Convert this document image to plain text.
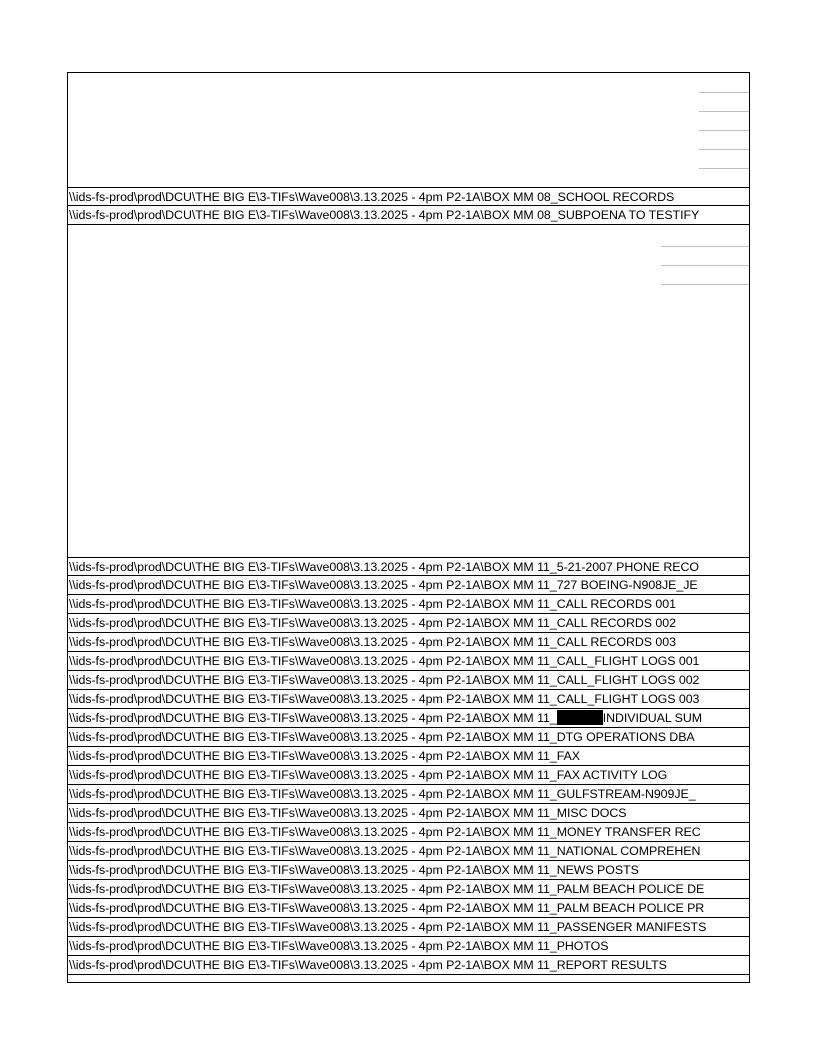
\\ids-fs-prod\prod\DCU\THE BIG E\3-TIFs\Wave008\3.13.2025 - 4pm P2-1A\BOX MM 08_SCHOOL RECORDS
\\ids-fs-prod\prod\DCU\THE BIG E\3-TIFs\Wave008\3.13.2025 - 4pm P2-1A\BOX MM 08_SUBPOENA TO TESTIFY
\\ids-fs-prod\prod\DCU\THE BIG E\3-TIFs\Wave008\3.13.2025 - 4pm P2-1A\BOX MM 11_5-21-2007 PHONE RECO
\\ids-fs-prod\prod\DCU\THE BIG E\3-TIFs\Wave008\3.13.2025 - 4pm P2-1A\BOX MM 11_727 BOEING-N908JE_JE
\\ids-fs-prod\prod\DCU\THE BIG E\3-TIFs\Wave008\3.13.2025 - 4pm P2-1A\BOX MM 11_CALL RECORDS 001
\\ids-fs-prod\prod\DCU\THE BIG E\3-TIFs\Wave008\3.13.2025 - 4pm P2-1A\BOX MM 11_CALL RECORDS 002
\\ids-fs-prod\prod\DCU\THE BIG E\3-TIFs\Wave008\3.13.2025 - 4pm P2-1A\BOX MM 11_CALL RECORDS 003
\\ids-fs-prod\prod\DCU\THE BIG E\3-TIFs\Wave008\3.13.2025 - 4pm P2-1A\BOX MM 11_CALL_FLIGHT LOGS 001
\\ids-fs-prod\prod\DCU\THE BIG E\3-TIFs\Wave008\3.13.2025 - 4pm P2-1A\BOX MM 11_CALL_FLIGHT LOGS 002
\\ids-fs-prod\prod\DCU\THE BIG E\3-TIFs\Wave008\3.13.2025 - 4pm P2-1A\BOX MM 11_CALL_FLIGHT LOGS 003
\\ids-fs-prod\prod\DCU\THE BIG E\3-TIFs\Wave008\3.13.2025 - 4pm P2-1A\BOX MM 11_	INDIVIDUAL SUM
\\ids-fs-prod\prod\DCU\THE BIG E\3-TIFs\Wave008\3.13.2025 - 4pm P2-1A\BOX MM 11_DTG OPERATIONS DBA
\\ids-fs-prod\prod\DCU\THE BIG E\3-TIFs\Wave008\3.13.2025 - 4pm P2-1A\BOX MM 11_FAX
\\ids-fs-prod\prod\DCU\THE BIG E\3-TIFs\Wave008\3.13.2025 - 4pm P2-1A\BOX MM 11_FAX ACTIVITY LOG
\\ids-fs-prod\prod\DCU\THE BIG E\3-TIFs\Wave008\3.13.2025 - 4pm P2-1A\BOX MM 11_GULFSTREAM-N909JE_
\\ids-fs-prod\prod\DCU\THE BIG E\3-TIFs\Wave008\3.13.2025 - 4pm P2-1A\BOX MM 11_MISC DOCS
\\ids-fs-prod\prod\DCU\THE BIG E\3-TIFs\Wave008\3.13.2025 - 4pm P2-1A\BOX MM 11_MONEY TRANSFER REC
\\ids-fs-prod\prod\DCU\THE BIG E\3-TIFs\Wave008\3.13.2025 - 4pm P2-1A\BOX MM 11_NATIONAL COMPREHEN
\\ids-fs-prod\prod\DCU\THE BIG E\3-TIFs\Wave008\3.13.2025 - 4pm P2-1A\BOX MM 11_NEWS POSTS
\\ids-fs-prod\prod\DCU\THE BIG E\3-TIFs\Wave008\3.13.2025 - 4pm P2-1A\BOX MM 11_PALM BEACH POLICE DE
\\ids-fs-prod\prod\DCU\THE BIG E\3-TIFs\Wave008\3.13.2025 - 4pm P2-1A\BOX MM 11_PALM BEACH POLICE PR
\\ids-fs-prod\prod\DCU\THE BIG E\3-TIFs\Wave008\3.13.2025 - 4pm P2-1A\BOX MM 11_PASSENGER MANIFESTS
\\ids-fs-prod\prod\DCU\THE BIG E\3-TIFs\Wave008\3.13.2025 - 4pm P2-1A\BOX MM 11_PHOTOS
\\ids-fs-prod\prod\DCU\THE BIG E\3-TIFs\Wave008\3.13.2025 - 4pm P2-1A\BOX MM 11_REPORT RESULTS
